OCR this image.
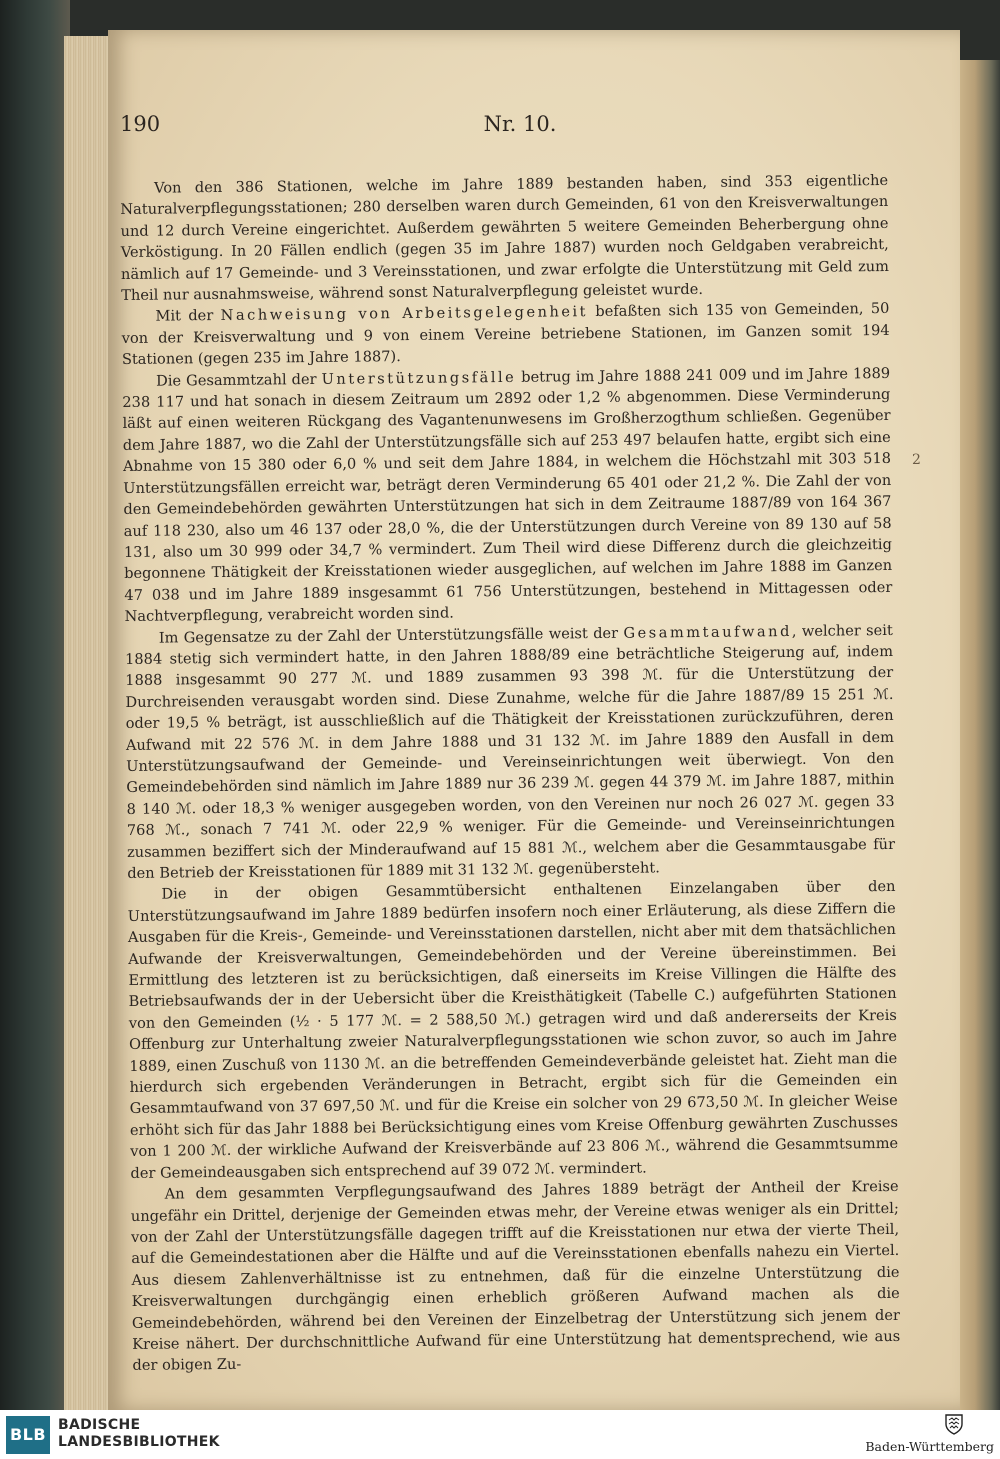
190	Nr. 10.

Von den 386 Stationen, welche im Jahre 1889 bestanden haben, sind 353 eigentliche Naturalverpflegungsstationen; 280 derselben waren durch Gemeinden, 61 von den Kreisverwaltungen und 12 durch Vereine eingerichtet. Außerdem gewährten 5 weitere Gemeinden Beherbergung ohne Verköstigung. In 20 Fällen endlich (gegen 35 im Jahre 1887) wurden noch Geldgaben verabreicht, nämlich auf 17 Gemeinde- und 3 Vereinsstationen, und zwar erfolgte die Unterstützung mit Geld zum Theil nur ausnahmsweise, während sonst Naturalverpflegung geleistet wurde.

Mit der Nachweisung von Arbeitsgelegenheit befaßten sich 135 von Gemeinden, 50 von der Kreisverwaltung und 9 von einem Vereine betriebene Stationen, im Ganzen somit 194 Stationen (gegen 235 im Jahre 1887).

Die Gesammtzahl der Unterstützungsfälle betrug im Jahre 1888 241 009 und im Jahre 1889 238 117 und hat sonach in diesem Zeitraum um 2892 oder 1,2 % abgenommen. Diese Verminderung läßt auf einen weiteren Rückgang des Vagantenunwesens im Großherzogthum schließen. Gegenüber dem Jahre 1887, wo die Zahl der Unterstützungsfälle sich auf 253 497 belaufen hatte, ergibt sich eine Abnahme von 15 380 oder 6,0 % und seit dem Jahre 1884, in welchem die Höchstzahl mit 303 518 Unterstützungsfällen erreicht war, beträgt deren Verminderung 65 401 oder 21,2 %. Die Zahl der von den Gemeindebehörden gewährten Unterstützungen hat sich in dem Zeitraume 1887/89 von 164 367 auf 118 230, also um 46 137 oder 28,0 %, die der Unterstützungen durch Vereine von 89 130 auf 58 131, also um 30 999 oder 34,7 % vermindert. Zum Theil wird diese Differenz durch die gleichzeitig begonnene Thätigkeit der Kreisstationen wieder ausgeglichen, auf welchen im Jahre 1888 im Ganzen 47 038 und im Jahre 1889 insgesammt 61 756 Unterstützungen, bestehend in Mittagessen oder Nachtverpflegung, verabreicht worden sind.

Im Gegensatze zu der Zahl der Unterstützungsfälle weist der Gesammtaufwand, welcher seit 1884 stetig sich vermindert hatte, in den Jahren 1888/89 eine beträchtliche Steigerung auf, indem 1888 insgesammt 90 277 ℳ. und 1889 zusammen 93 398 ℳ. für die Unterstützung der Durchreisenden verausgabt worden sind. Diese Zunahme, welche für die Jahre 1887/89 15 251 ℳ. oder 19,5 % beträgt, ist ausschließlich auf die Thätigkeit der Kreisstationen zurückzuführen, deren Aufwand mit 22 576 ℳ. in dem Jahre 1888 und 31 132 ℳ. im Jahre 1889 den Ausfall in dem Unterstützungsaufwand der Gemeinde- und Vereinseinrichtungen weit überwiegt. Von den Gemeindebehörden sind nämlich im Jahre 1889 nur 36 239 ℳ. gegen 44 379 ℳ. im Jahre 1887, mithin 8 140 ℳ. oder 18,3 % weniger ausgegeben worden, von den Vereinen nur noch 26 027 ℳ. gegen 33 768 ℳ., sonach 7 741 ℳ. oder 22,9 % weniger. Für die Gemeinde- und Vereinseinrichtungen zusammen beziffert sich der Minderaufwand auf 15 881 ℳ., welchem aber die Gesammtausgabe für den Betrieb der Kreisstationen für 1889 mit 31 132 ℳ. gegenübersteht.

Die in der obigen Gesammtübersicht enthaltenen Einzelangaben über den Unterstützungsaufwand im Jahre 1889 bedürfen insofern noch einer Erläuterung, als diese Ziffern die Ausgaben für die Kreis-, Gemeinde- und Vereinsstationen darstellen, nicht aber mit dem thatsächlichen Aufwande der Kreisverwaltungen, Gemeindebehörden und der Vereine übereinstimmen. Bei Ermittlung des letzteren ist zu berücksichtigen, daß einerseits im Kreise Villingen die Hälfte des Betriebsaufwands der in der Uebersicht über die Kreisthätigkeit (Tabelle C.) aufgeführten Stationen von den Gemeinden (½ · 5 177 ℳ. = 2 588,50 ℳ.) getragen wird und daß andererseits der Kreis Offenburg zur Unterhaltung zweier Naturalverpflegungsstationen wie schon zuvor, so auch im Jahre 1889, einen Zuschuß von 1130 ℳ. an die betreffenden Gemeindeverbände geleistet hat. Zieht man die hierdurch sich ergebenden Veränderungen in Betracht, ergibt sich für die Gemeinden ein Gesammtaufwand von 37 697,50 ℳ. und für die Kreise ein solcher von 29 673,50 ℳ. In gleicher Weise erhöht sich für das Jahr 1888 bei Berücksichtigung eines vom Kreise Offenburg gewährten Zuschusses von 1 200 ℳ. der wirkliche Aufwand der Kreisverbände auf 23 806 ℳ., während die Gesammtsumme der Gemeindeausgaben sich entsprechend auf 39 072 ℳ. vermindert.

An dem gesammten Verpflegungsaufwand des Jahres 1889 beträgt der Antheil der Kreise ungefähr ein Drittel, derjenige der Gemeinden etwas mehr, der Vereine etwas weniger als ein Drittel; von der Zahl der Unterstützungsfälle dagegen trifft auf die Kreisstationen nur etwa der vierte Theil, auf die Gemeindestationen aber die Hälfte und auf die Vereinsstationen ebenfalls nahezu ein Viertel. Aus diesem Zahlenverhältnisse ist zu entnehmen, daß für die einzelne Unterstützung die Kreisverwaltungen durchgängig einen erheblich größeren Aufwand machen als die Gemeindebehörden, während bei den Vereinen der Einzelbetrag der Unterstützung sich jenem der Kreise nähert. Der durchschnittliche Aufwand für eine Unterstützung hat dementsprechend, wie aus der obigen Zu-

2
BLB BADISCHE
LANDESBIBLIOTHEK	Baden-Württemberg
